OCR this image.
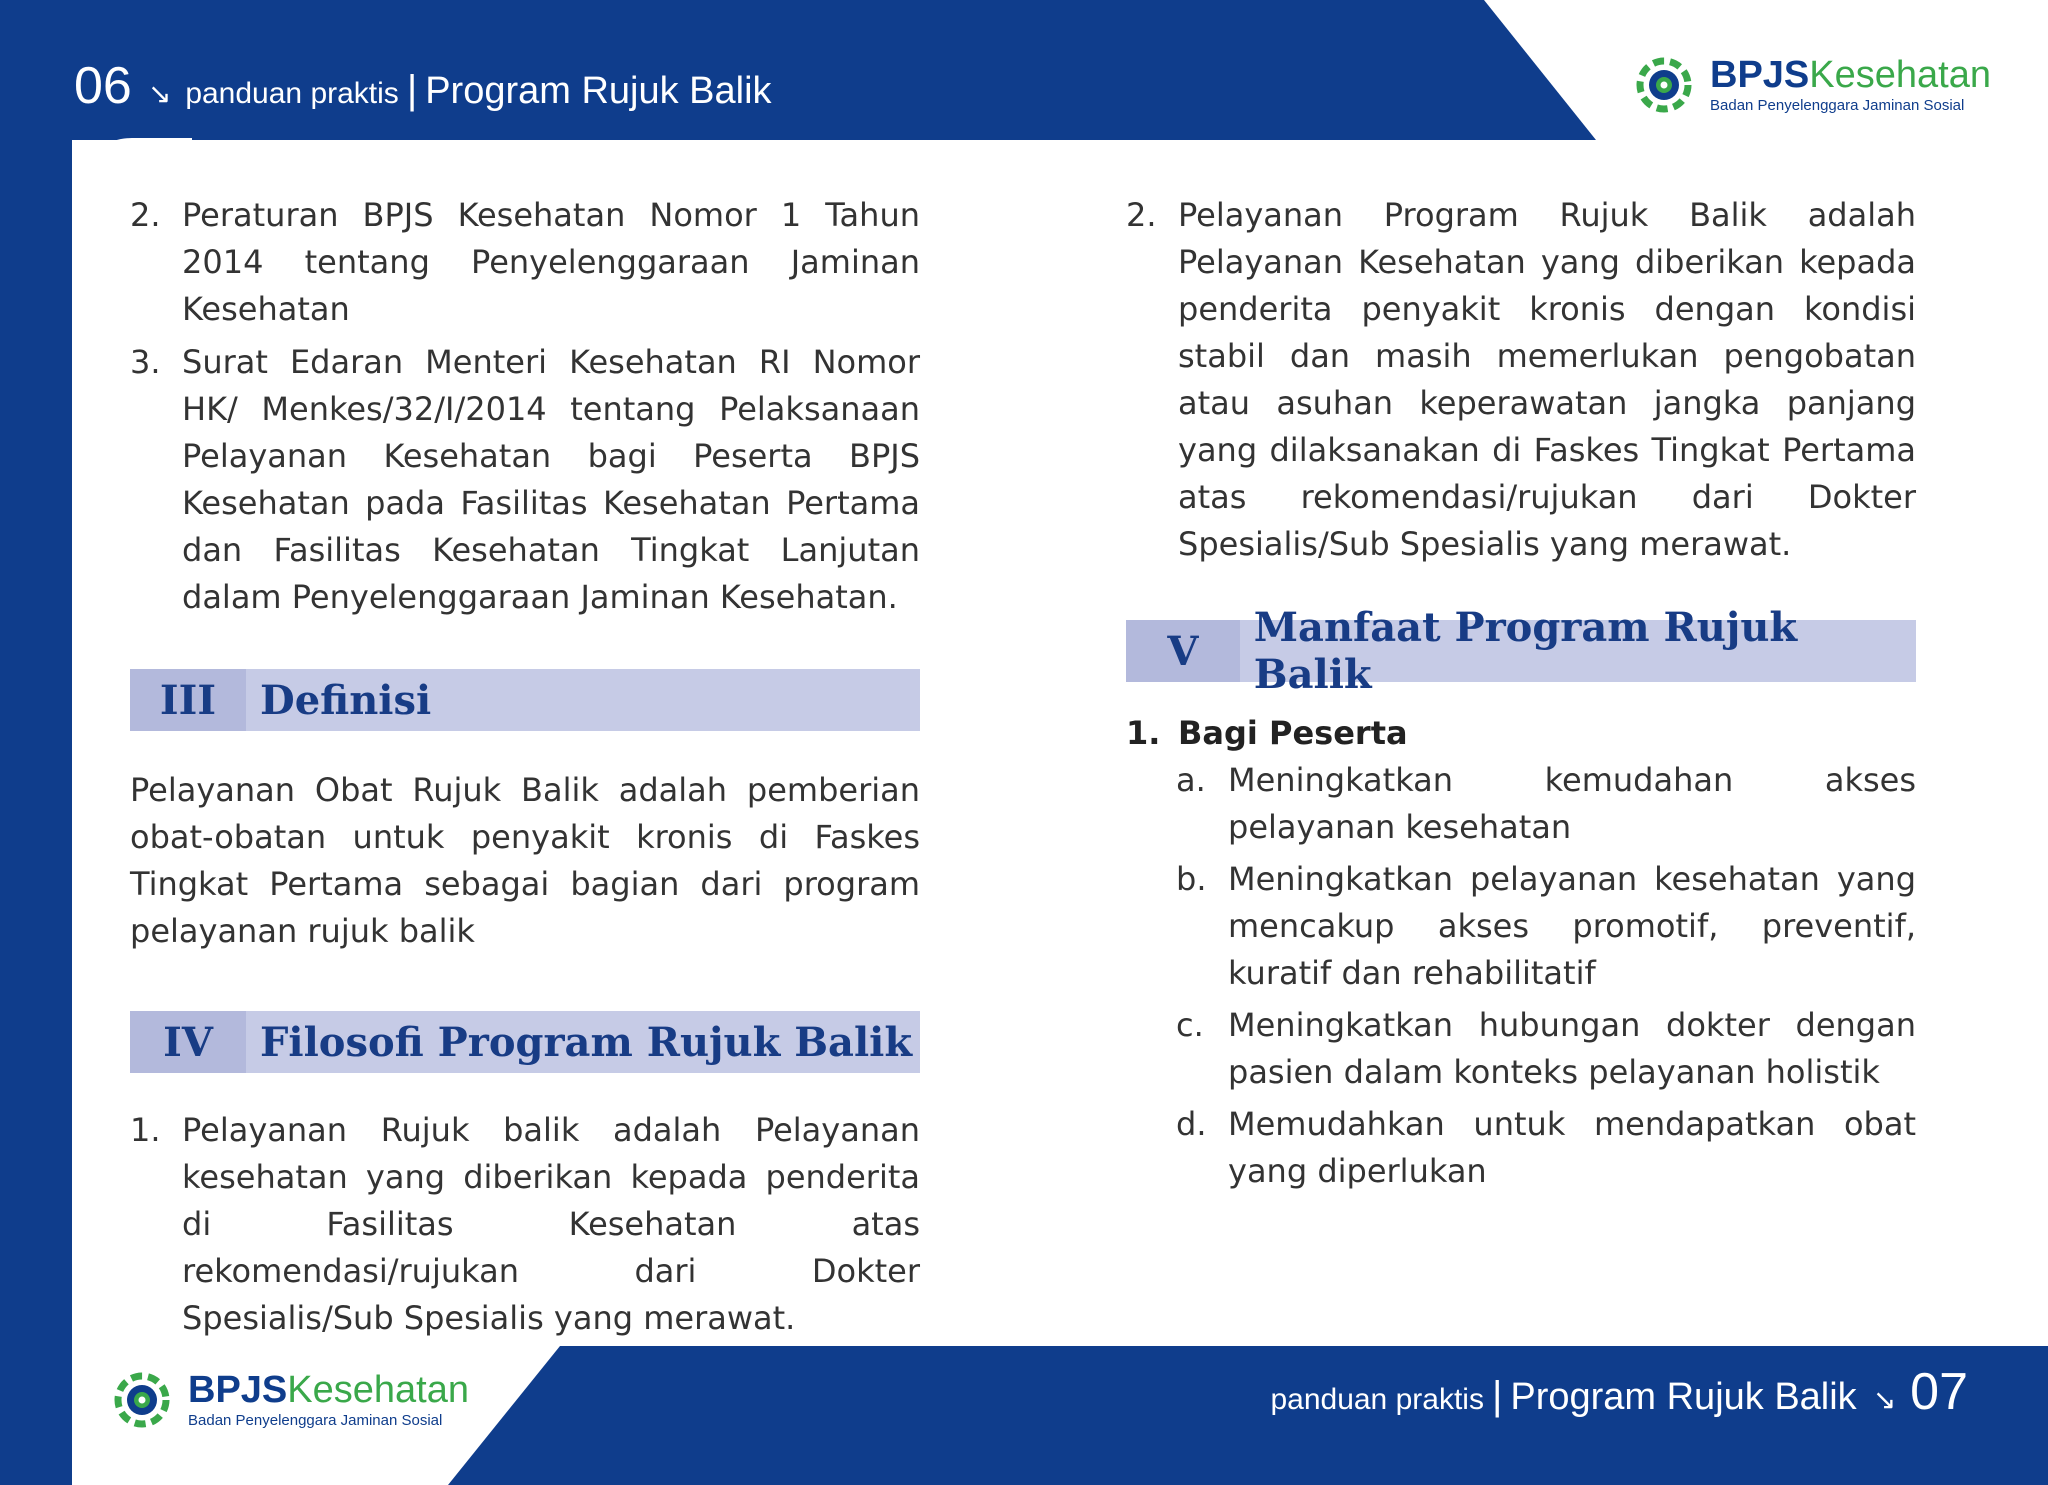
06 ↘ panduan praktis | Program Rujuk Balik	BPJSKesehatan
Badan Penyelenggara Jaminan Sosial
2. Peraturan BPJS Kesehatan Nomor 1 Tahun 2014 tentang Penyelenggaraan Jaminan Kesehatan
3. Surat Edaran Menteri Kesehatan RI Nomor HK/ Menkes/32/I/2014 tentang Pelaksanaan Pelayanan Kesehatan bagi Peserta BPJS Kesehatan pada Fasilitas Kesehatan Pertama dan Fasilitas Kesehatan Tingkat Lanjutan dalam Penyelenggaraan Jaminan Kesehatan.
III	Definisi

Pelayanan Obat Rujuk Balik adalah pemberian obat-obatan untuk penyakit kronis di Faskes Tingkat Pertama sebagai bagian dari program pelayanan rujuk balik

IV	Filosofi Program Rujuk Balik
1. Pelayanan Rujuk balik adalah Pelayanan kesehatan yang diberikan kepada penderita di Fasilitas Kesehatan atas rekomendasi/rujukan dari Dokter Spesialis/Sub Spesialis yang merawat.
2. Pelayanan Program Rujuk Balik adalah Pelayanan Kesehatan yang diberikan kepada penderita penyakit kronis dengan kondisi stabil dan masih memerlukan pengobatan atau asuhan keperawatan jangka panjang yang dilaksanakan di Faskes Tingkat Pertama atas rekomendasi/rujukan dari Dokter Spesialis/Sub Spesialis yang merawat.
V	Manfaat Program Rujuk Balik
1. Bagi Peserta
a. Meningkatkan kemudahan akses pelayanan kesehatan
b. Meningkatkan pelayanan kesehatan yang mencakup akses promotif, preventif, kuratif dan rehabilitatif
c. Meningkatkan hubungan dokter dengan pasien dalam konteks pelayanan holistik
d. Memudahkan untuk mendapatkan obat yang diperlukan
BPJSKesehatan
Badan Penyelenggara Jaminan Sosial
panduan praktis | Program Rujuk Balik ↘ 07
